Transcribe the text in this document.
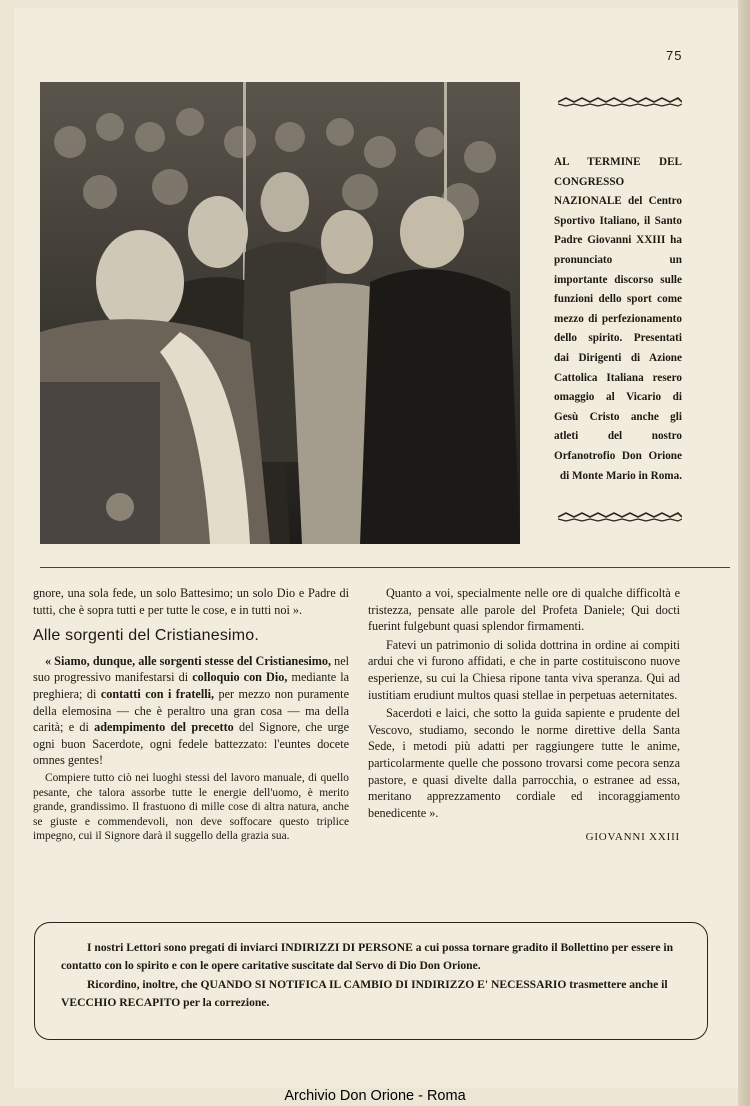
75
AL TERMINE DEL CONGRESSO NAZIONALE del Centro Sportivo Italiano, il Santo Padre Giovanni XXIII ha pronunciato un importante discorso sulle funzioni dello sport come mezzo di perfezionamento dello spirito. Presentati dai Dirigenti di Azione Cattolica Italiana resero omaggio al Vicario di Gesù Cristo anche gli atleti del nostro Orfanotrofio Don Orione di Monte Mario in Roma.

gnore, una sola fede, un solo Battesimo; un solo Dio e Padre di tutti, che è sopra tutti e per tutte le cose, e in tutti noi ».

Alle sorgenti del Cristianesimo.

« Siamo, dunque, alle sorgenti stesse del Cristianesimo, nel suo progressivo manifestarsi di colloquio con Dio, mediante la preghiera; di contatti con i fratelli, per mezzo non puramente della elemosina — che è peraltro una gran cosa — ma della carità; e di adempimento del precetto del Signore, che urge ogni buon Sacerdote, ogni fedele battezzato: l'euntes docete omnes gentes!

Compiere tutto ciò nei luoghi stessi del lavoro manuale, di quello pesante, che talora assorbe tutte le energie dell'uomo, è merito grande, grandissimo. Il frastuono di mille cose di altra natura, anche se giuste e commendevoli, non deve soffocare questo triplice impegno, cui il Signore darà il suggello della grazia sua.

Quanto a voi, specialmente nelle ore di qualche difficoltà e tristezza, pensate alle parole del Profeta Daniele; Qui docti fuerint fulgebunt quasi splendor firmamenti.

Fatevi un patrimonio di solida dottrina in ordine ai compiti ardui che vi furono affidati, e che in parte costituiscono nuove esperienze, su cui la Chiesa ripone tanta viva speranza. Qui ad iustitiam erudiunt multos quasi stellae in perpetuas aeternitates.

Sacerdoti e laici, che sotto la guida sapiente e prudente del Vescovo, studiamo, secondo le norme direttive della Santa Sede, i metodi più adatti per raggiungere tutte le anime, particolarmente quelle che possono trovarsi come pecora senza pastore, e quasi divelte dalla parrocchia, o estranee ad essa, meritano apprezzamento cordiale ed incoraggiamento benedicente ».

GIOVANNI XXIII

I nostri Lettori sono pregati di inviarci INDIRIZZI DI PERSONE a cui possa tornare gradito il Bollettino per essere in contatto con lo spirito e con le opere caritative suscitate dal Servo di Dio Don Orione.

Ricordino, inoltre, che QUANDO SI NOTIFICA IL CAMBIO DI INDIRIZZO E' NECESSARIO trasmettere anche il VECCHIO RECAPITO per la correzione.

Archivio Don Orione - Roma
